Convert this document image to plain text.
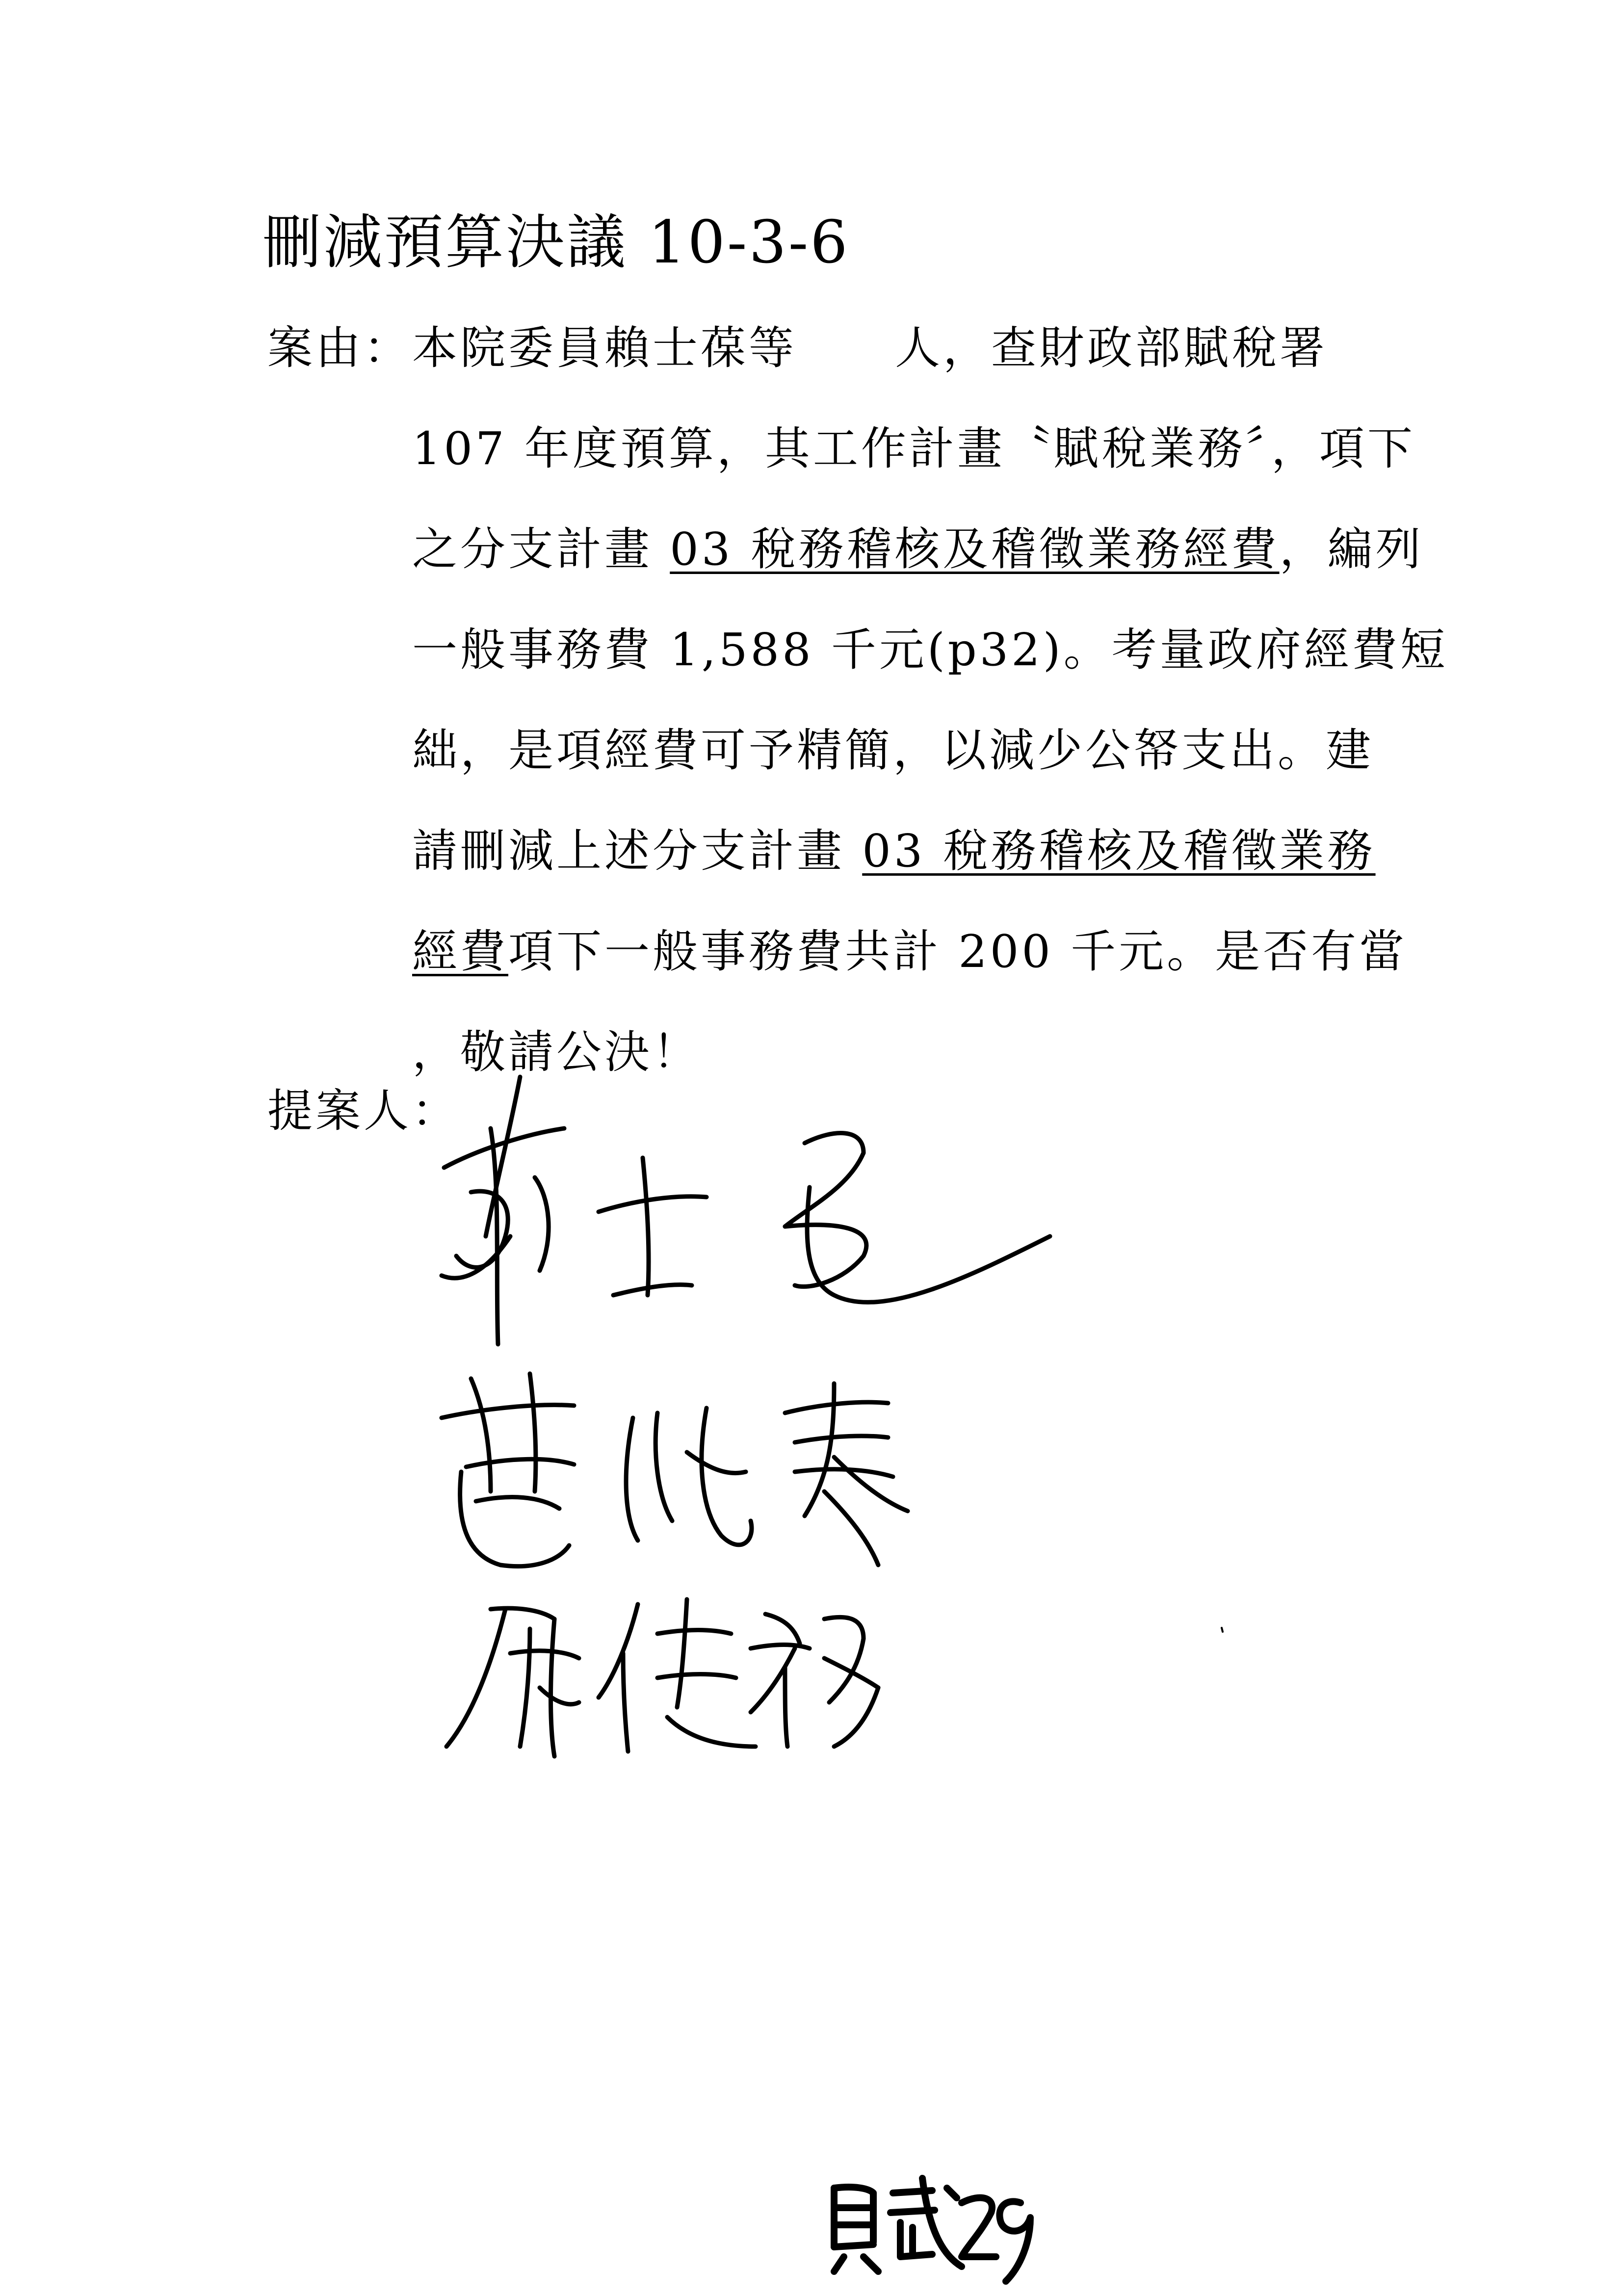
刪減預算決議 10-3-6
案由： 本院委員賴士葆等 人，查財政部賦稅署
107 年度預算，其工作計畫〝賦稅業務〞，項下
之分支計畫 03 稅務稽核及稽徵業務經費，編列
一般事務費 1,588 千元(p32)。考量政府經費短
絀，是項經費可予精簡，以減少公帑支出。建
請刪減上述分支計畫 03 稅務稽核及稽徵業務
經費項下一般事務費共計 200 千元。是否有當
，敬請公決！
提案人：
